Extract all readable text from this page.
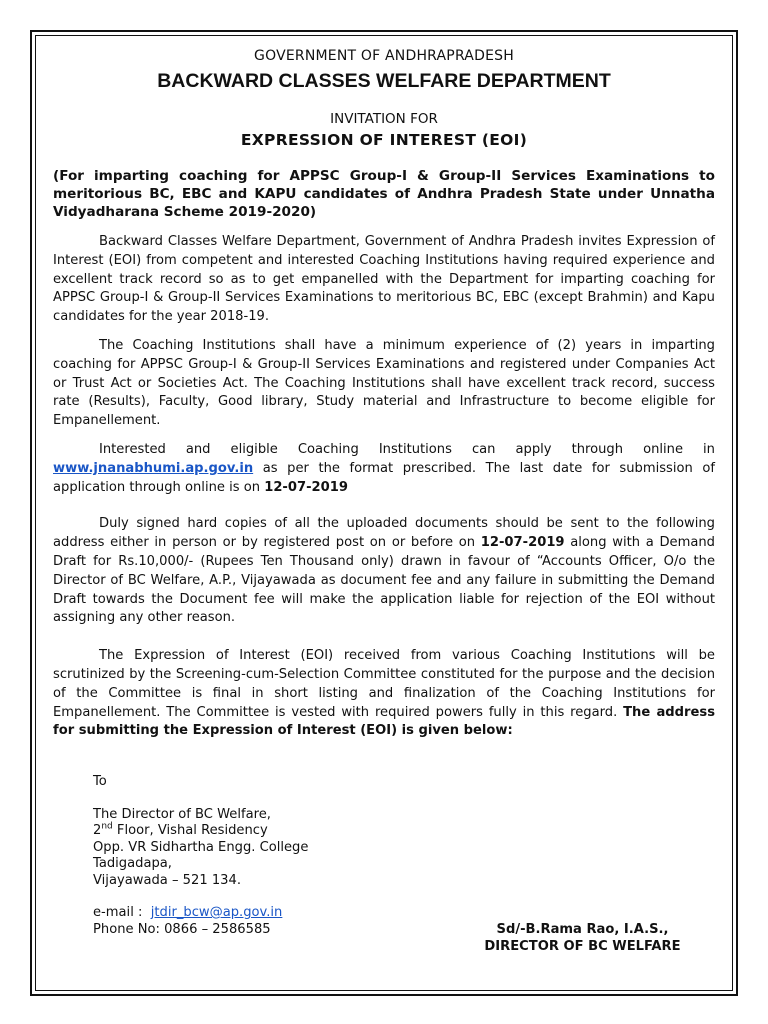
GOVERNMENT OF ANDHRAPRADESH
BACKWARD CLASSES WELFARE DEPARTMENT
INVITATION FOR
EXPRESSION OF INTEREST (EOI)
(For imparting coaching for APPSC Group-I & Group-II Services Examinations to meritorious BC, EBC and KAPU candidates of Andhra Pradesh State under Unnatha Vidyadharana Scheme 2019-2020)

Backward Classes Welfare Department, Government of Andhra Pradesh invites Expression of Interest (EOI) from competent and interested Coaching Institutions having required experience and excellent track record so as to get empanelled with the Department for imparting coaching for APPSC Group-I & Group-II Services Examinations to meritorious BC, EBC (except Brahmin) and Kapu candidates for the year 2018-19.

The Coaching Institutions shall have a minimum experience of (2) years in imparting coaching for APPSC Group-I & Group-II Services Examinations and registered under Companies Act or Trust Act or Societies Act. The Coaching Institutions shall have excellent track record, success rate (Results), Faculty, Good library, Study material and Infrastructure to become eligible for Empanellement.

Interested and eligible Coaching Institutions can apply through online in www.jnanabhumi.ap.gov.in as per the format prescribed. The last date for submission of application through online is on 12-07-2019

Duly signed hard copies of all the uploaded documents should be sent to the following address either in person or by registered post on or before on 12-07-2019 along with a Demand Draft for Rs.10,000/- (Rupees Ten Thousand only) drawn in favour of “Accounts Officer, O/o the Director of BC Welfare, A.P., Vijayawada as document fee and any failure in submitting the Demand Draft towards the Document fee will make the application liable for rejection of the EOI without assigning any other reason.

The Expression of Interest (EOI) received from various Coaching Institutions will be scrutinized by the Screening-cum-Selection Committee constituted for the purpose and the decision of the Committee is final in short listing and finalization of the Coaching Institutions for Empanellement. The Committee is vested with required powers fully in this regard. The address for submitting the Expression of Interest (EOI) is given below:

To
The Director of BC Welfare,
2nd Floor, Vishal Residency
Opp. VR Sidhartha Engg. College
Tadigadapa,
Vijayawada – 521 134.
e-mail :  jtdir_bcw@ap.gov.in
Phone No: 0866 – 2586585	Sd/-B.Rama Rao, I.A.S.,
DIRECTOR OF BC WELFARE
